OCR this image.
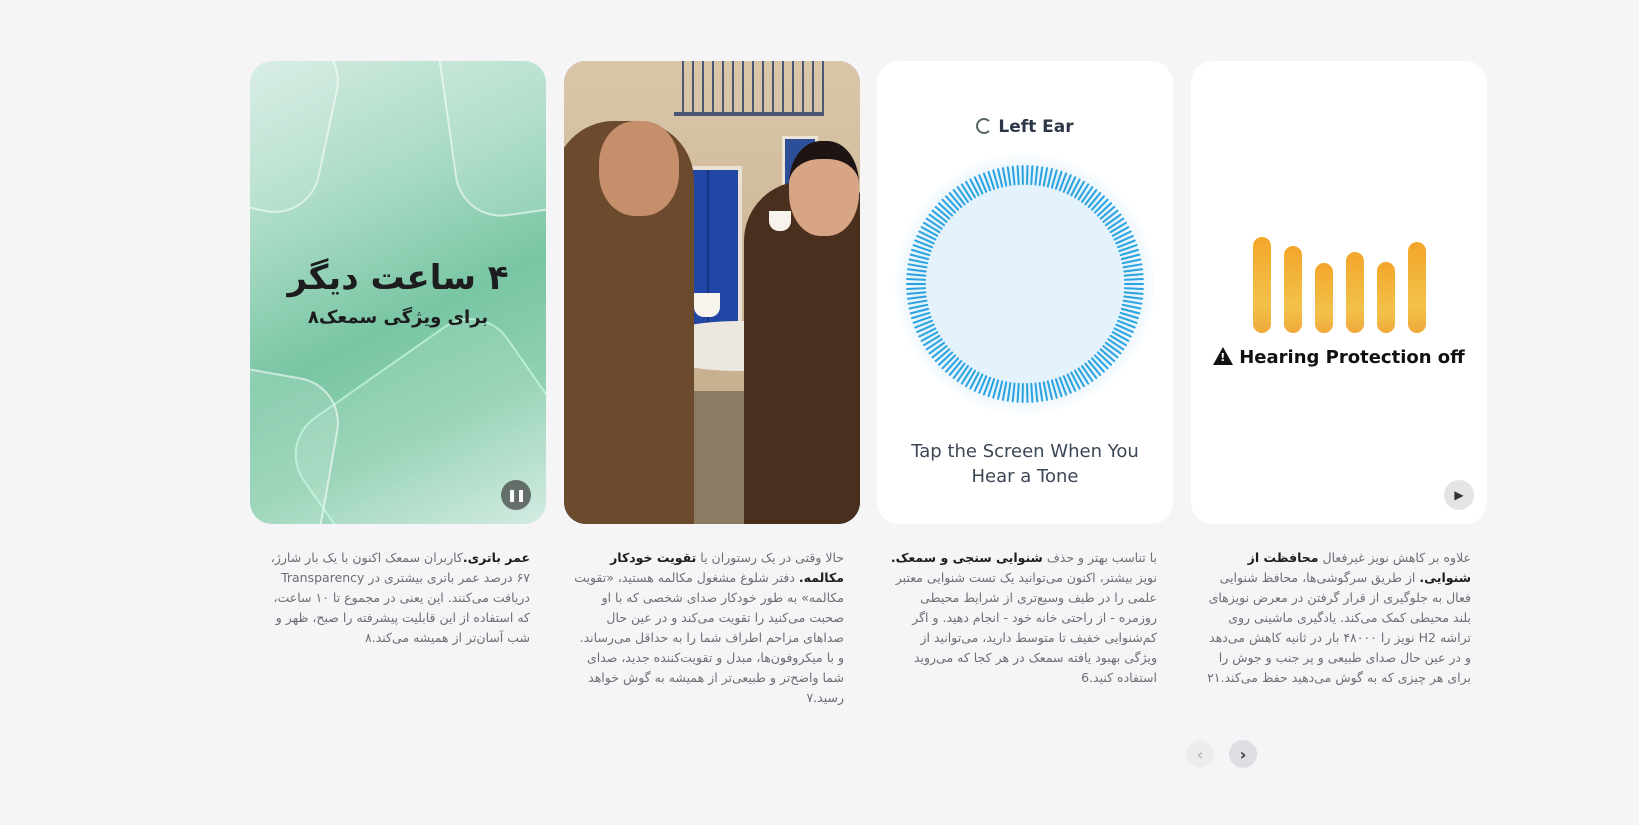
۴ ساعت دیگر
برای ویژگی سمعک۸
❚❚
Left Ear
Tap the Screen When You Hear a Tone
!Hearing Protection off
▶

عمر باتری.کاربران سمعک اکنون با یک بار شارژ، ۶۷ درصد عمر باتری بیشتری در Transparency دریافت می‌کنند. این یعنی در مجموع تا ۱۰ ساعت، که استفاده از این قابلیت پیشرفته را صبح، ظهر و شب آسان‌تر از همیشه می‌کند.۸

حالا وقتی در یک رستوران یا تقویت خودکار مکالمه. دفتر شلوغ مشغول مکالمه هستید، «تقویت مکالمه» به طور خودکار صدای شخصی که با او صحبت می‌کنید را تقویت می‌کند و در عین حال صداهای مزاحم اطراف شما را به حداقل می‌رساند. و با میکروفون‌ها، مبدل و تقویت‌کننده جدید، صدای شما واضح‌تر و طبیعی‌تر از همیشه به گوش خواهد رسید.۷

با تناسب بهتر و حذف شنوایی سنجی و سمعک. نویز بیشتر، اکنون می‌توانید یک تست شنوایی معتبر علمی را در طیف وسیع‌تری از شرایط محیطی روزمره - از راحتی خانه خود - انجام دهید. و اگر کم‌شنوایی خفیف تا متوسط دارید، می‌توانید از ویژگی بهبود یافته سمعک در هر کجا که می‌روید استفاده کنید.6

علاوه بر کاهش نویز غیرفعال محافظت از شنوایی. از طریق سرگوشی‌ها، محافظ شنوایی فعال به جلوگیری از قرار گرفتن در معرض نویزهای بلند محیطی کمک می‌کند. یادگیری ماشینی روی تراشه H2 نویز را ۴۸۰۰۰ بار در ثانیه کاهش می‌دهد و در عین حال صدای طبیعی و پر جنب و جوش را برای هر چیزی که به گوش می‌دهید حفظ می‌کند.۲۱

‹ ›
